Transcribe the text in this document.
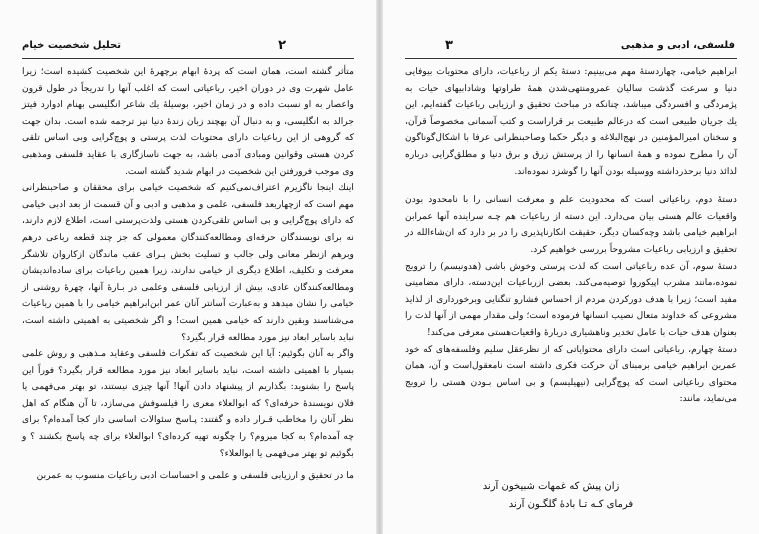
تحلیل شخصیت خیام	۲

متأثر گشته است، همان است که پردهٔ ابهام برچهرهٔ این شخصیت کشیده است؛ زیرا عامل شهرت وی در دوران اخیر، رباعیاتی است که اغلب آنها را تدریجاً در طول قرون واعصار به او نسبت داده و در زمان اخیر، بوسیلهٔ یك شاعر انگلیسی بهنام ادوارد فیتز جرالد به انگلیسی، و به دنبال آن بهچند زبان زندهٔ دنیا نیز ترجمه شده است. بدان جهت که گروهی از این رباعیات دارای محتویات لذت پرستی و پوچ‌گرایی وبی اساس تلقی کردن هستی وقوانین ومبادی آدمی باشد، به جهت ناسازگاری با عقاید فلسفی ومذهبی وی موجب فرورفتن این شخصیت در ابهام شدید گشته است.

اینك اینجا ناگزیرم اعتراف‌نمی‌کنیم که شخصیت خیامی برای محققان و صاحبنظرانی مهم است که ازچهاربعد فلسفی، علمی و مذهبی و ادبی و آن قسمت از بعد ادبی خیامی که دارای پوچ‌گرایی و بی اساس تلقی‌کردن هستی ولذت‌پرستی است، اطلاع لازم دارند، نه برای نویسندگان حرفه‌ای ومطالعه‌کنندگان معمولی که جز چند قطعه رباعی درهم وبرهم ازنظر معانی ولی جالب و تسلیت بخش بـرای عقب ماندگان ازکاروان تلاشگر معرفت و تکلیف، اطلاع دیگری از خیامی ندارند، زیرا همین رباعیات برای ساده‌اندیشان ومطالعه‌کنندگان عادی، بیش از ارزیابی فلسفی وعلمی در بـارهٔ آنها، چهرهٔ روشنی از خیامی را نشان میدهد و به‌عبارت آسانتر آنان عمر ابن‌ابراهیم خیامی را با همین رباعیات می‌شناسند وبقین دارند که خیامی همین است! و اگر شخصیتی به اهمیتی داشته است، نباید باسایر ابعاد نیز مورد مطالعه قرار بگیرد؟

واگر به آنان بگوئیم: آیا این شخصیت که تفکرات فلسفی وعقاید مـذهبی و روش علمی بسیار با اهمیتی داشته است، نباید باسایر ابعاد نیز مورد مطالعه قرار بگیرد؟ فوراً این پاسخ را بشنوید: بگذاریم از پیشنهاد دادن آنها! آنها چیزی نیستند، تو بهتر می‌فهمی یا فلان نویسندهٔ حرفه‌ای؟ که ابوالعلاء معری را فیلسوفش می‌سازد، تا آن هنگام که اهل نظر آنان را مخاطب قـرار داده و گفتند: پـاسخ سئوالات اساسی داز کجا آمده‌ام؟ برای چه آمده‌ام؟ به کجا میروم؟ را چگونه تهیه کرده‌ای؟ ابوالعلاء برای چه پاسخ بکشند ؟ و بگوئیم تو بهتر می‌فهمی یا ابوالعلاء؟

ما در تحقیق و ارزیابی فلسفی و علمی و احساسات ادبی رباعیات منسوب به عمربن

فلسفی، ادبی و مذهبی
۳

ابراهیم خیامی، چهاردستهٔ مهم می‌بینیم: دستهٔ یکم از رباعیات، دارای محتویات بیوفایی دنیا و سرعت گذشت سالیان عمرومنتهی‌شدن همهٔ طراوتها وشادابیهای حیات به پژمردگی و افسردگی میباشد، چنانکه در مباحث تحقیق و ارزیابی رباعیات گفته‌ایم، این یك جریان طبیعی است که درعالم طبیعت بر قراراست و کتب آسمانی مخصوصاً قرآن، و سخنان امیرالمؤمنین در نهج‌البلاغه و دیگر حکما وصاحبنظرانی عرفا با اشکال‌گوناگون آن را مطرح نموده و همهٔ انسانها را از پرستش زرق و برق دنیا و مطلق‌گرایی درباره لذائذ دنیا برحذرداشته ووسیله بودن آنها را گوشزد نموده‌اند.

دستهٔ دوم، رباعیاتی است که محدودیت علم و معرفت انسانی را با نامحدود بودن واقعیات عالم هستی بیان می‌دارد. این دسته از رباعیات هم چـه سراینده آنها عمرابن ابراهیم خیامی باشد وچه‌کسان دیگر، حقیقت انکارناپذیری را در بر دارد که ان‌شاءالله در تحقیق و ارزیابی رباعیات مشروحاً بررسی خواهیم کرد.

دستهٔ سوم، آن عده رباعیاتی است که لذت پرستی وخوش باشی (هدونیسم) را ترویج نموده،مانند مشرب اپیکوروا توصیه‌می‌کند. بعضی ازرباعیات این‌دسته، دارای مضامینی مفید است؛ زیرا با هدف دورکردن مردم از احساس فشارو تنگنایی وبرخورداری از لذایذ مشروعی که خداوند متعال نصیب انسانها فرموده است؛ ولی مقدار مهمی از آنها لذت را بعنوان هدف حیات با عامل تخدیر وناهشیاری دربارهٔ واقعیات‌هستی معرفی می‌کند!

دستهٔ چهارم، رباعیاتی است دارای محتوایاتی که از نظرعقل سلیم وفلسفه‌های که خود عمربن ابراهیم خیامی برمبنای آن حرکت فکری داشته است نامعقول‌است و آن، همان محتوای رباعیاتی است که پوچ‌گرایی (نیهیلیسم) و بی اساس بـودن هستی را ترویج می‌نماید، مانند:

زان پیش که غمهات شبیخون آرند
فرمای کـه تـا بادهٔ گلگـون آرند
